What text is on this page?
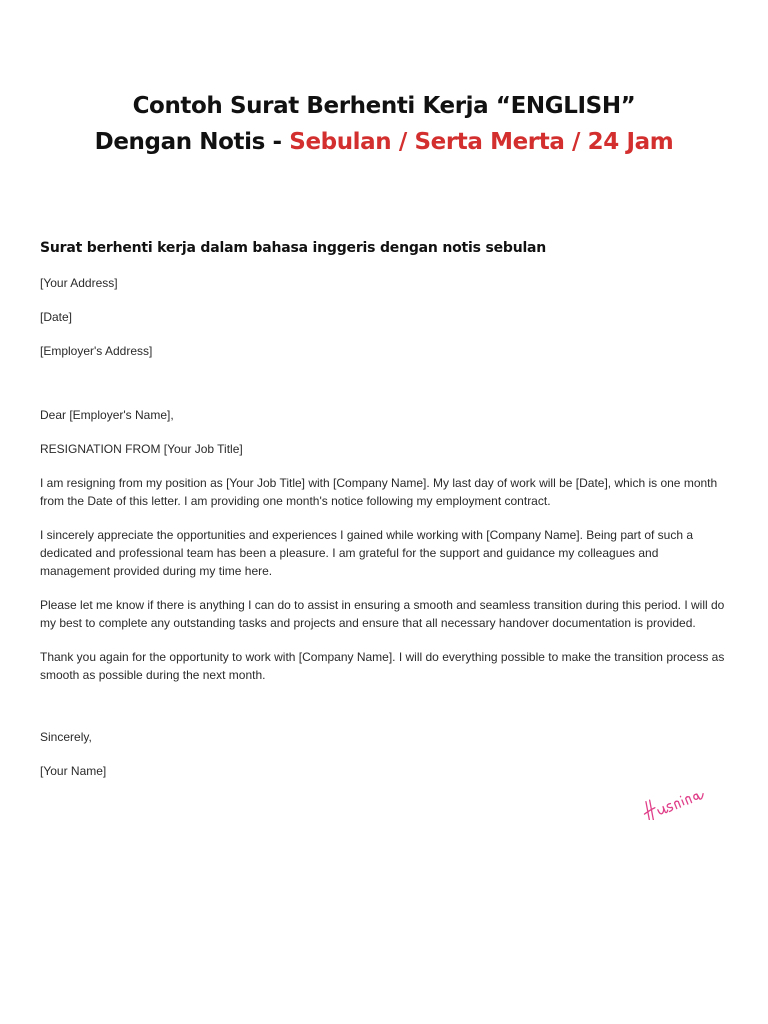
Contoh Surat Berhenti Kerja “ENGLISH”
Dengan Notis - Sebulan / Serta Merta / 24 Jam
Surat berhenti kerja dalam bahasa inggeris dengan notis sebulan
[Your Address]
[Date]
[Employer's Address]
Dear [Employer's Name],
RESIGNATION FROM [Your Job Title]
I am resigning from my position as [Your Job Title] with [Company Name]. My last day of work will be [Date], which is one month from the Date of this letter. I am providing one month's notice following my employment contract.
I sincerely appreciate the opportunities and experiences I gained while working with [Company Name]. Being part of such a dedicated and professional team has been a pleasure. I am grateful for the support and guidance my colleagues and management provided during my time here.
Please let me know if there is anything I can do to assist in ensuring a smooth and seamless transition during this period. I will do my best to complete any outstanding tasks and projects and ensure that all necessary handover documentation is provided.
Thank you again for the opportunity to work with [Company Name]. I will do everything possible to make the transition process as smooth as possible during the next month.
Sincerely,
[Your Name]
